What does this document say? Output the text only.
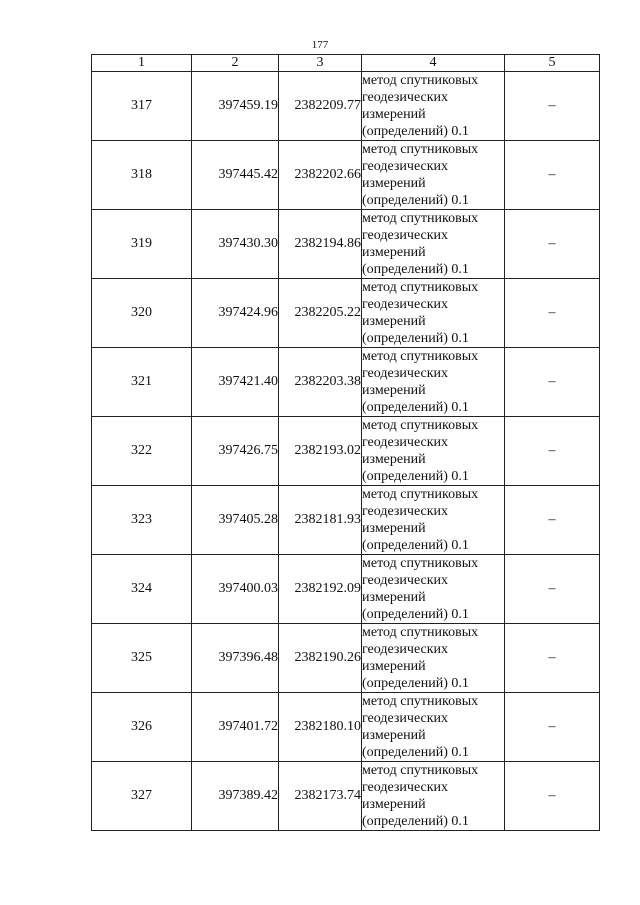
177
1	2	3	4	5
317	397459.19	2382209.77	метод спутниковых
геодезических
измерений
(определений) 0.1	–
318	397445.42	2382202.66	метод спутниковых
геодезических
измерений
(определений) 0.1	–
319	397430.30	2382194.86	метод спутниковых
геодезических
измерений
(определений) 0.1	–
320	397424.96	2382205.22	метод спутниковых
геодезических
измерений
(определений) 0.1	–
321	397421.40	2382203.38	метод спутниковых
геодезических
измерений
(определений) 0.1	–
322	397426.75	2382193.02	метод спутниковых
геодезических
измерений
(определений) 0.1	–
323	397405.28	2382181.93	метод спутниковых
геодезических
измерений
(определений) 0.1	–
324	397400.03	2382192.09	метод спутниковых
геодезических
измерений
(определений) 0.1	–
325	397396.48	2382190.26	метод спутниковых
геодезических
измерений
(определений) 0.1	–
326	397401.72	2382180.10	метод спутниковых
геодезических
измерений
(определений) 0.1	–
327	397389.42	2382173.74	метод спутниковых
геодезических
измерений
(определений) 0.1	–
